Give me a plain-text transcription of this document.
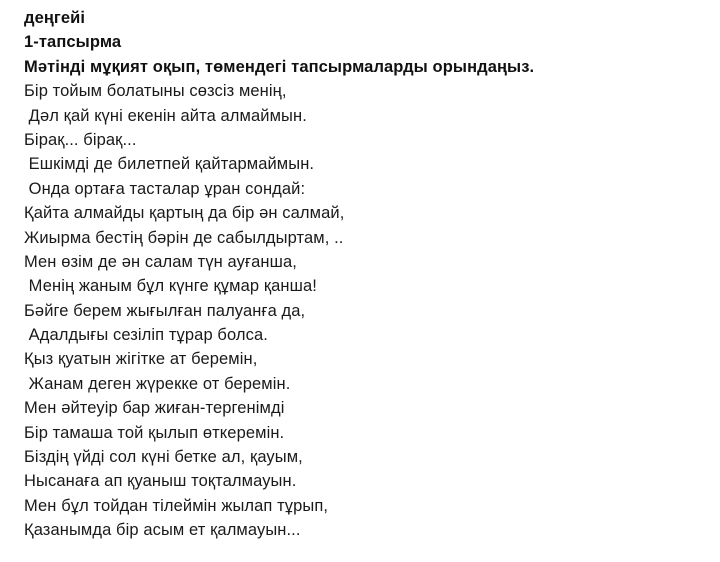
деңгейі
1-тапсырма
Мәтінді мұқият оқып, төмендегі тапсырмаларды орындаңыз.
Бір тойым болатыны сөзсіз менің,
Дәл қай күні екенін айта алмаймын.
Бірақ... бірақ...
Ешкімді де билетпей қайтармаймын.
Онда ортаға тасталар ұран сондай:
Қайта алмайды қартың да бір ән салмай,
Жиырма бестің бәрін де сабылдыртам, ..
Мен өзім де ән салам түн ауғанша,
Менің жаным бұл күнге құмар қанша!
Бәйге берем жығылған палуанға да,
Адалдығы сезіліп тұрар болса.
Қыз қуатын жігітке ат беремін,
Жанам деген жүрекке от беремін.
Мен әйтеуір бар жиған-тергенімді
Бір тамаша той қылып өткеремін.
Біздің үйді сол күні бетке ал, қауым,
Нысанаға ап қуаныш тоқталмауын.
Мен бұл тойдан тілеймін жылап тұрып,
Қазанымда бір асым ет қалмауын...
